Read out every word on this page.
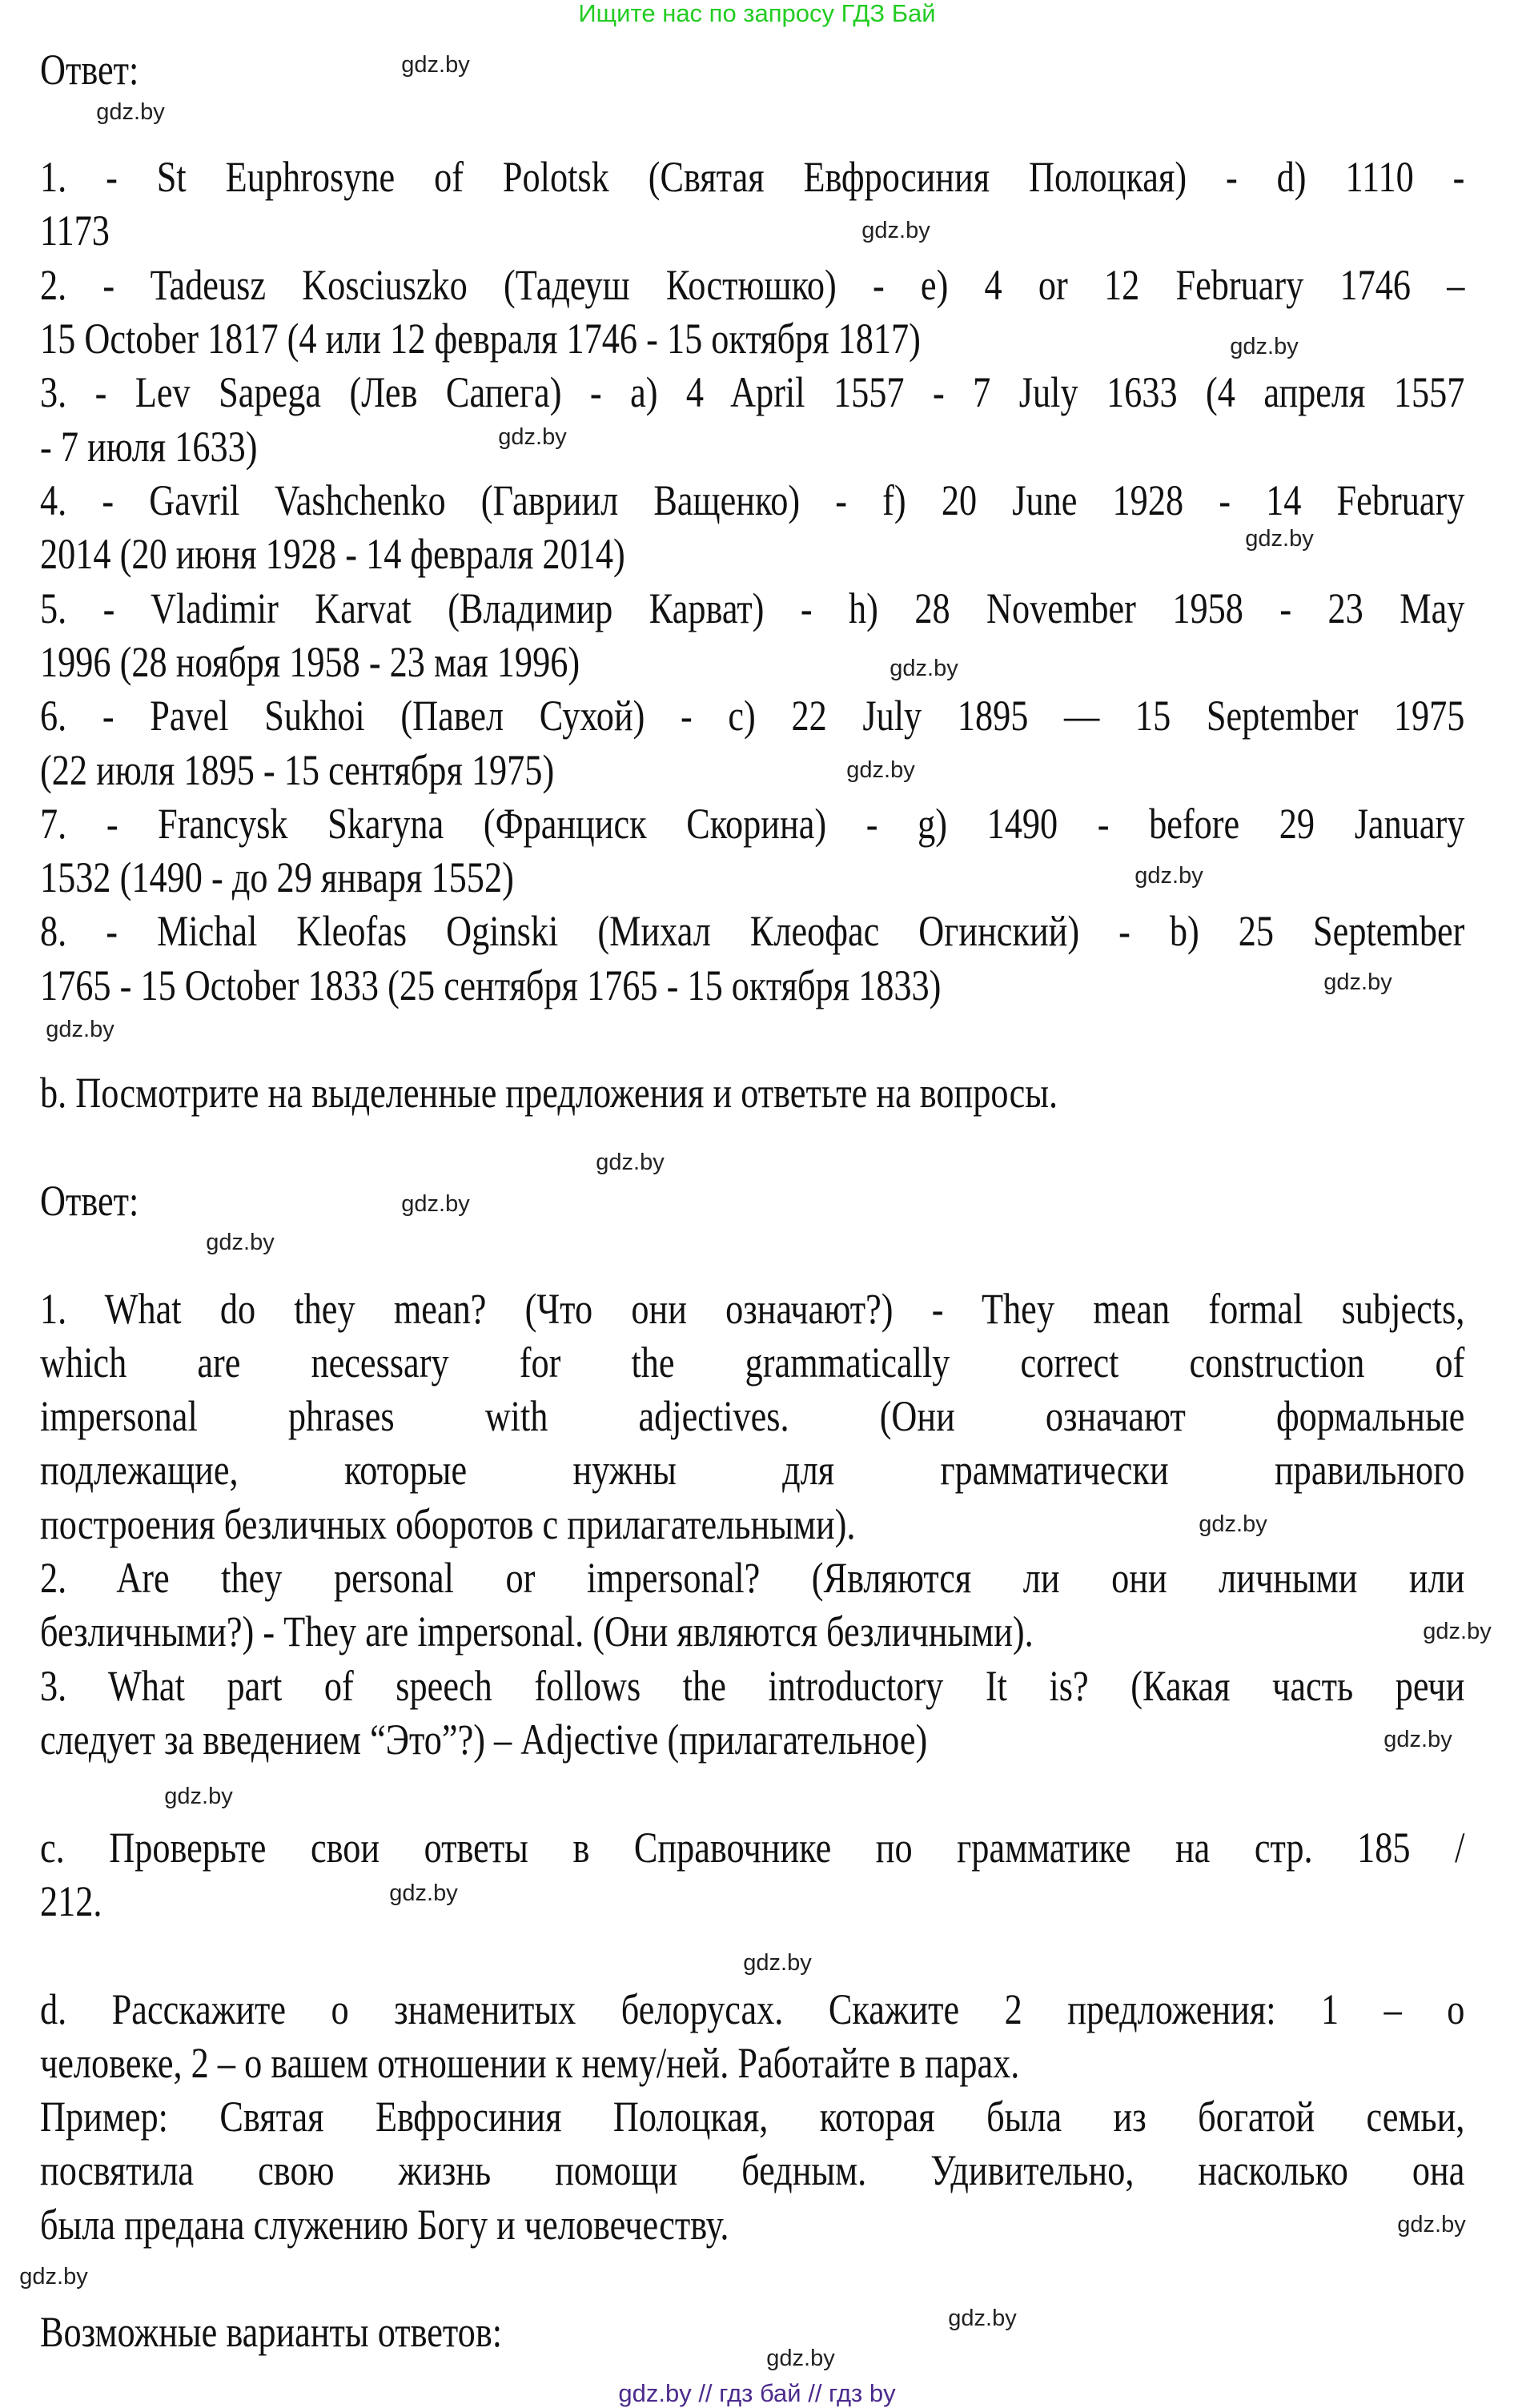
Ищите нас по запросу ГДЗ Бай
Ответ:
1. - St Euphrosyne of Polotsk (Святая Евфросиния Полоцкая) - d) 1110 -
1173
2. - Tadeusz Kosciuszko (Тадеуш Костюшко) - e) 4 or 12 February 1746 –
15 October 1817 (4 или 12 февраля 1746 - 15 октября 1817)
3. - Lev Sapega (Лев Сапега) - a) 4 April 1557 - 7 July 1633 (4 апреля 1557
- 7 июля 1633)
4. - Gavril Vashchenko (Гавриил Ващенко) - f) 20 June 1928 - 14 February
2014 (20 июня 1928 - 14 февраля 2014)
5. - Vladimir Karvat (Владимир Карват) - h) 28 November 1958 - 23 May
1996 (28 ноября 1958 - 23 мая 1996)
6. - Pavel Sukhoi (Павел Сухой) - c) 22 July 1895 — 15 September 1975
(22 июля 1895 - 15 сентября 1975)
7. - Francysk Skaryna (Франциск Скорина) - g) 1490 - before 29 January
1532 (1490 - до 29 января 1552)
8. - Michal Kleofas Oginski (Михал Клеофас Огинский) - b) 25 September
1765 - 15 October 1833 (25 сентября 1765 - 15 октября 1833)
b. Посмотрите на выделенные предложения и ответьте на вопросы.
Ответ:
1. What do they mean? (Что они означают?) - They mean formal subjects,
which are necessary for the grammatically correct construction of
impersonal phrases with adjectives. (Они означают формальные
подлежащие, которые нужны для грамматически правильного
построения безличных оборотов с прилагательными).
2. Are they personal or impersonal? (Являются ли они личными или
безличными?) - They are impersonal. (Они являются безличными).
3. What part of speech follows the introductory It is? (Какая часть речи
следует за введением “Это”?) – Adjective (прилагательное)
c. Проверьте свои ответы в Справочнике по грамматике на стр. 185 /
212.
d. Расскажите о знаменитых белорусах. Скажите 2 предложения: 1 – о
человеке, 2 – о вашем отношении к нему/ней. Работайте в парах.
Пример: Святая Евфросиния Полоцкая, которая была из богатой семьи,
посвятила свою жизнь помощи бедным. Удивительно, насколько она
была предана служению Богу и человечеству.
Возможные варианты ответов:
gdz.by
gdz.by
gdz.by
gdz.by
gdz.by
gdz.by
gdz.by
gdz.by
gdz.by
gdz.by
gdz.by
gdz.by
gdz.by
gdz.by
gdz.by
gdz.by
gdz.by
gdz.by
gdz.by
gdz.by
gdz.by
gdz.by
gdz.by
gdz.by
gdz.by // гдз бай // гдз by
